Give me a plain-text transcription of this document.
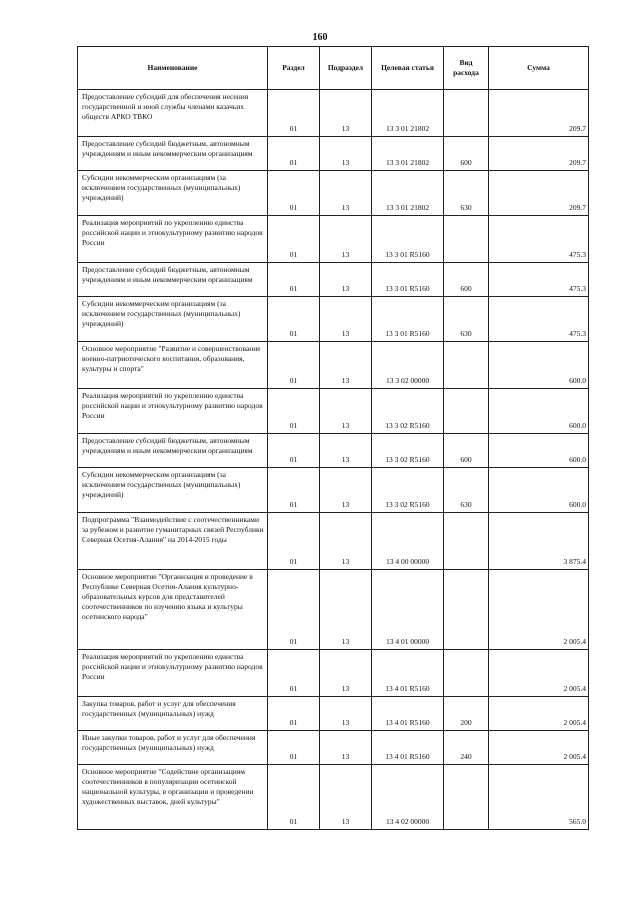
160
Наименование	Раздел	Подраздел	Целевая статья	Вид расхода	Сумма
Предоставление субсидий для обеспечения несения государственной и иной службы членами казачьих обществ АРКО ТВКО	01	13	13 3 01 21802		209.7
Предоставление субсидий бюджетным, автономным учреждениям и иным некоммерческим организациям	01	13	13 3 01 21802	600	209.7
Субсидии некоммерческим организациям (за исключением государственных (муниципальных) учреждений)	01	13	13 3 01 21802	630	209.7
Реализация мероприятий по укреплению единства российской нации и этнокультурному развитию народов России	01	13	13 3 01 R5160		475.3
Предоставление субсидий бюджетным, автономным учреждениям и иным некоммерческим организациям	01	13	13 3 01 R5160	600	475.3
Субсидии некоммерческим организациям (за исключением государственных (муниципальных) учреждений)	01	13	13 3 01 R5160	630	475.3
Основное мероприятие "Развитие и совершенствование военно-патриотического воспитания, образования, культуры и спорта"	01	13	13 3 02 00000		600.0
Реализация мероприятий по укреплению единства российской нации и этнокультурному развитию народов России	01	13	13 3 02 R5160		600.0
Предоставление субсидий бюджетным, автономным учреждениям и иным некоммерческим организациям	01	13	13 3 02 R5160	600	600.0
Субсидии некоммерческим организациям (за исключением государственных (муниципальных) учреждений)	01	13	13 3 02 R5160	630	600.0
Подпрограмма "Взаимодействие с соотечественниками за рубежом и развитие гуманитарных связей Республики Северная Осетия-Алания" на 2014-2015 годы	01	13	13 4 00 00000		3 875.4
Основное мероприятие "Организация и проведение в Республике Северная Осетия-Алания культурно-образовательных курсов для представителей соотечественников по изучению языка и культуры осетинского народа"	01	13	13 4 01 00000		2 005.4
Реализация мероприятий по укреплению единства российской нации и этнокультурному развитию народов России	01	13	13 4 01 R5160		2 005.4
Закупка товаров, работ и услуг для обеспечения государственных (муниципальных) нужд	01	13	13 4 01 R5160	200	2 005.4
Иные закупки товаров, работ и услуг для обеспечения государственных (муниципальных) нужд	01	13	13 4 01 R5160	240	2 005.4
Основное мероприятие "Содействие организациям соотечественников в популяризации осетинской национальной культуры, в организации и проведении художественных выставок, дней культуры"	01	13	13 4 02 00000		565.0
